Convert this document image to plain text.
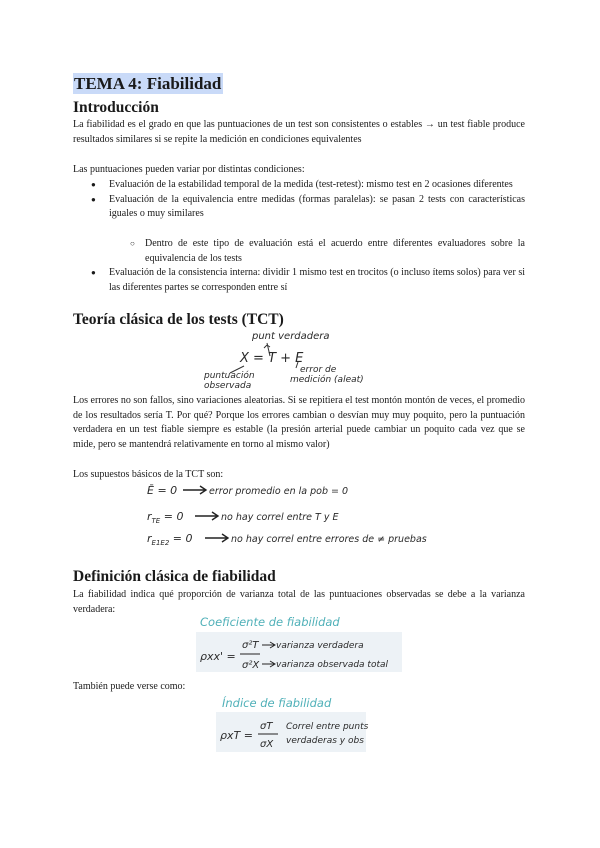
TEMA 4: Fiabilidad
Introducción

La fiabilidad es el grado en que las puntuaciones de un test son consistentes o estables → un test fiable produce resultados similares si se repite la medición en condiciones equivalentes

Las puntuaciones pueden variar por distintas condiciones:

● Evaluación de la estabilidad temporal de la medida (test-retest): mismo test en 2 ocasiones diferentes
● Evaluación de la equivalencia entre medidas (formas paralelas): se pasan 2 tests con características iguales o muy similares
○ Dentro de este tipo de evaluación está el acuerdo entre diferentes evaluadores sobre la equivalencia de los tests
● Evaluación de la consistencia interna: dividir 1 mismo test en trocitos (o incluso ítems solos) para ver si las diferentes partes se corresponden entre sí
Teoría clásica de los tests (TCT)
punt verdadera
X = T + E
puntuación
observada
error de
medición (aleat)

Los errores no son fallos, sino variaciones aleatorias. Si se repitiera el test montón montón de veces, el promedio de los resultados sería T. Por qué? Porque los errores cambian o desvían muy muy poquito, pero la puntuación verdadera en un test fiable siempre es estable (la presión arterial puede cambiar un poquito cada vez que se mide, pero se mantendrá relativamente en torno al mismo valor)

Los supuestos básicos de la TCT son:

Ē = 0	error promedio en la pob = 0
$r_{TE} = 0$	no hay correl entre T y E
$r_{E1E2} = 0$	no hay correl entre errores de ≠ pruebas
Definición clásica de fiabilidad

La fiabilidad indica qué proporción de varianza total de las puntuaciones observadas se debe a la varianza verdadera:

Coeficiente de fiabilidad
ρxx' =
σ²T
σ²X
varianza verdadera
varianza observada total

También puede verse como:

Índice de fiabilidad
ρxT =
σT
σX
Correl entre punts
verdaderas y obs
